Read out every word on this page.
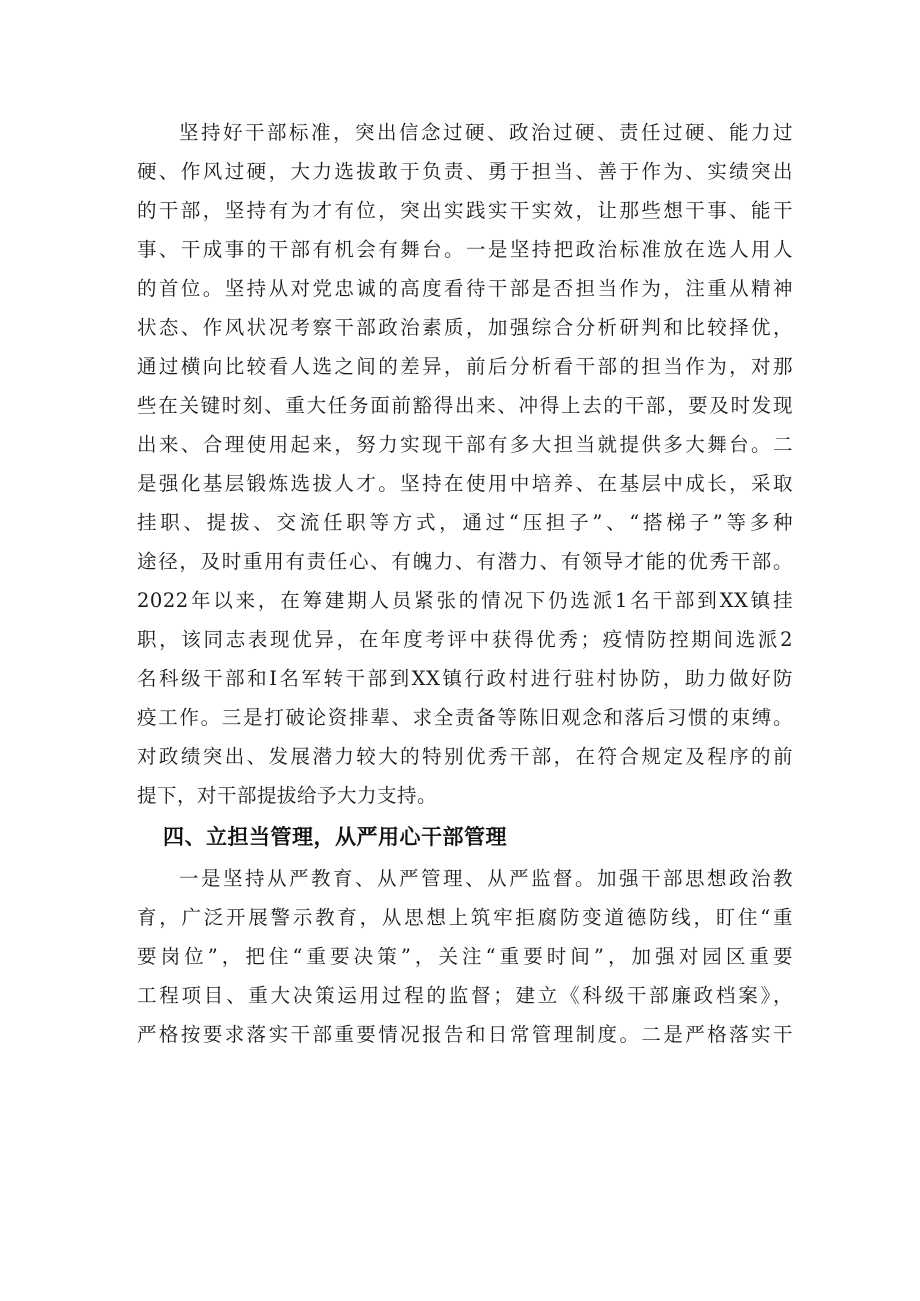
坚持好干部标准，突出信念过硬、政治过硬、责任过硬、能力过
硬、作风过硬，大力选拔敢于负责、勇于担当、善于作为、实绩突出
的干部，坚持有为才有位，突出实践实干实效，让那些想干事、能干
事、干成事的干部有机会有舞台。一是坚持把政治标准放在选人用人
的首位。坚持从对党忠诚的高度看待干部是否担当作为，注重从精神
状态、作风状况考察干部政治素质，加强综合分析研判和比较择优，
通过横向比较看人选之间的差异，前后分析看干部的担当作为，对那
些在关键时刻、重大任务面前豁得出来、冲得上去的干部，要及时发现
出来、合理使用起来，努力实现干部有多大担当就提供多大舞台。二
是强化基层锻炼选拔人才。坚持在使用中培养、在基层中成长，采取
挂职、提拔、交流任职等方式，通过“压担子”、“搭梯子”等多种
途径，及时重用有责任心、有魄力、有潜力、有领导才能的优秀干部。
2022年以来，在筹建期人员紧张的情况下仍选派1名干部到XX镇挂
职，该同志表现优异，在年度考评中获得优秀；疫情防控期间选派2
名科级干部和I名军转干部到XX镇行政村进行驻村协防，助力做好防
疫工作。三是打破论资排辈、求全责备等陈旧观念和落后习惯的束缚。
对政绩突出、发展潜力较大的特别优秀干部，在符合规定及程序的前
提下，对干部提拔给予大力支持。
四、立担当管理，从严用心干部管理
一是坚持从严教育、从严管理、从严监督。加强干部思想政治教
育，广泛开展警示教育，从思想上筑牢拒腐防变道德防线，盯住“重
要岗位”，把住“重要决策”，关注“重要时间”，加强对园区重要
工程项目、重大决策运用过程的监督；建立《科级干部廉政档案》，
严格按要求落实干部重要情况报告和日常管理制度。二是严格落实干
